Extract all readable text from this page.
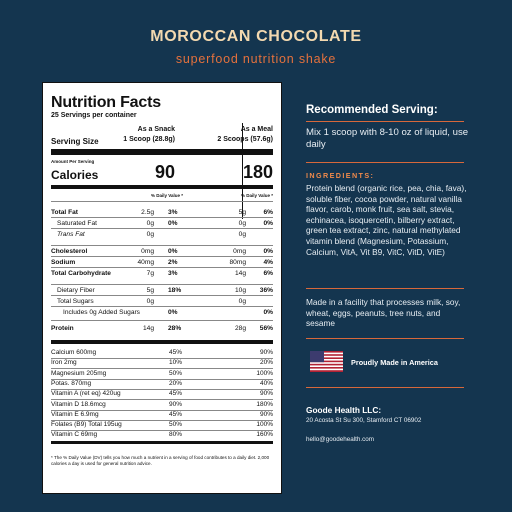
MOROCCAN CHOCOLATE
superfood nutrition shake
Nutrition Facts
25 Servings per container
As a Snack
1 Scoop (28.8g)
As a Meal
2 Scoops (57.6g)
Serving Size
Amount Per Serving
Calories	90	180
% Daily Value *	% Daily Value *
Total Fat	2.5g 3%	5g	6%
Saturated Fat	0g 0%	0g	0%
Trans Fat	0g	0g
Cholesterol	0mg 0%	0mg	0%
Sodium	40mg 2%	80mg	4%
Total Carbohydrate	7g 3%	14g	6%
Dietary Fiber	5g 18%	10g 36%
Total Sugars	0g	0g
Includes 0g Added Sugars	0%	0%
Protein	14g 28%	28g 56%
Calcium 600mg	45%	90%
Iron 2mg	10%	20%
Magnesium 205mg	50%	100%
Potas. 870mg	20%	40%
Vitamin A (ret eq) 420ug	45%	90%
Vitamin D 18.6mcg	90%	180%
Vitamin E 6.9mg	45%	90%
Folates (B9) Total 195ug	50%	100%
Vitamin C 69mg	80%	160%
* The % Daily Value (DV) tells you how much a nutrient in a serving of food contributes to a daily diet. 2,000 calories a day is used for general nutrition advice.
Recommended Serving:
Mix 1 scoop with 8-10 oz of liquid, use daily
INGREDIENTS:
Protein blend (organic rice, pea, chia, fava), soluble fiber, cocoa powder, natural vanilla flavor, carob, monk fruit, sea salt, stevia, echinacea, isoquercetin, bilberry extract, green tea extract, zinc, natural methylated vitamin blend (Magnesium, Potassium, Calcium, VitA, Vit B9, VitC, VitD, VitE)
Made in a facility that processes milk, soy, wheat, eggs, peanuts, tree nuts, and sesame
Proudly Made in America
Goode Health LLC:
20 Acosta St Su 300, Stamford CT 06902
hello@goodehealth.com
